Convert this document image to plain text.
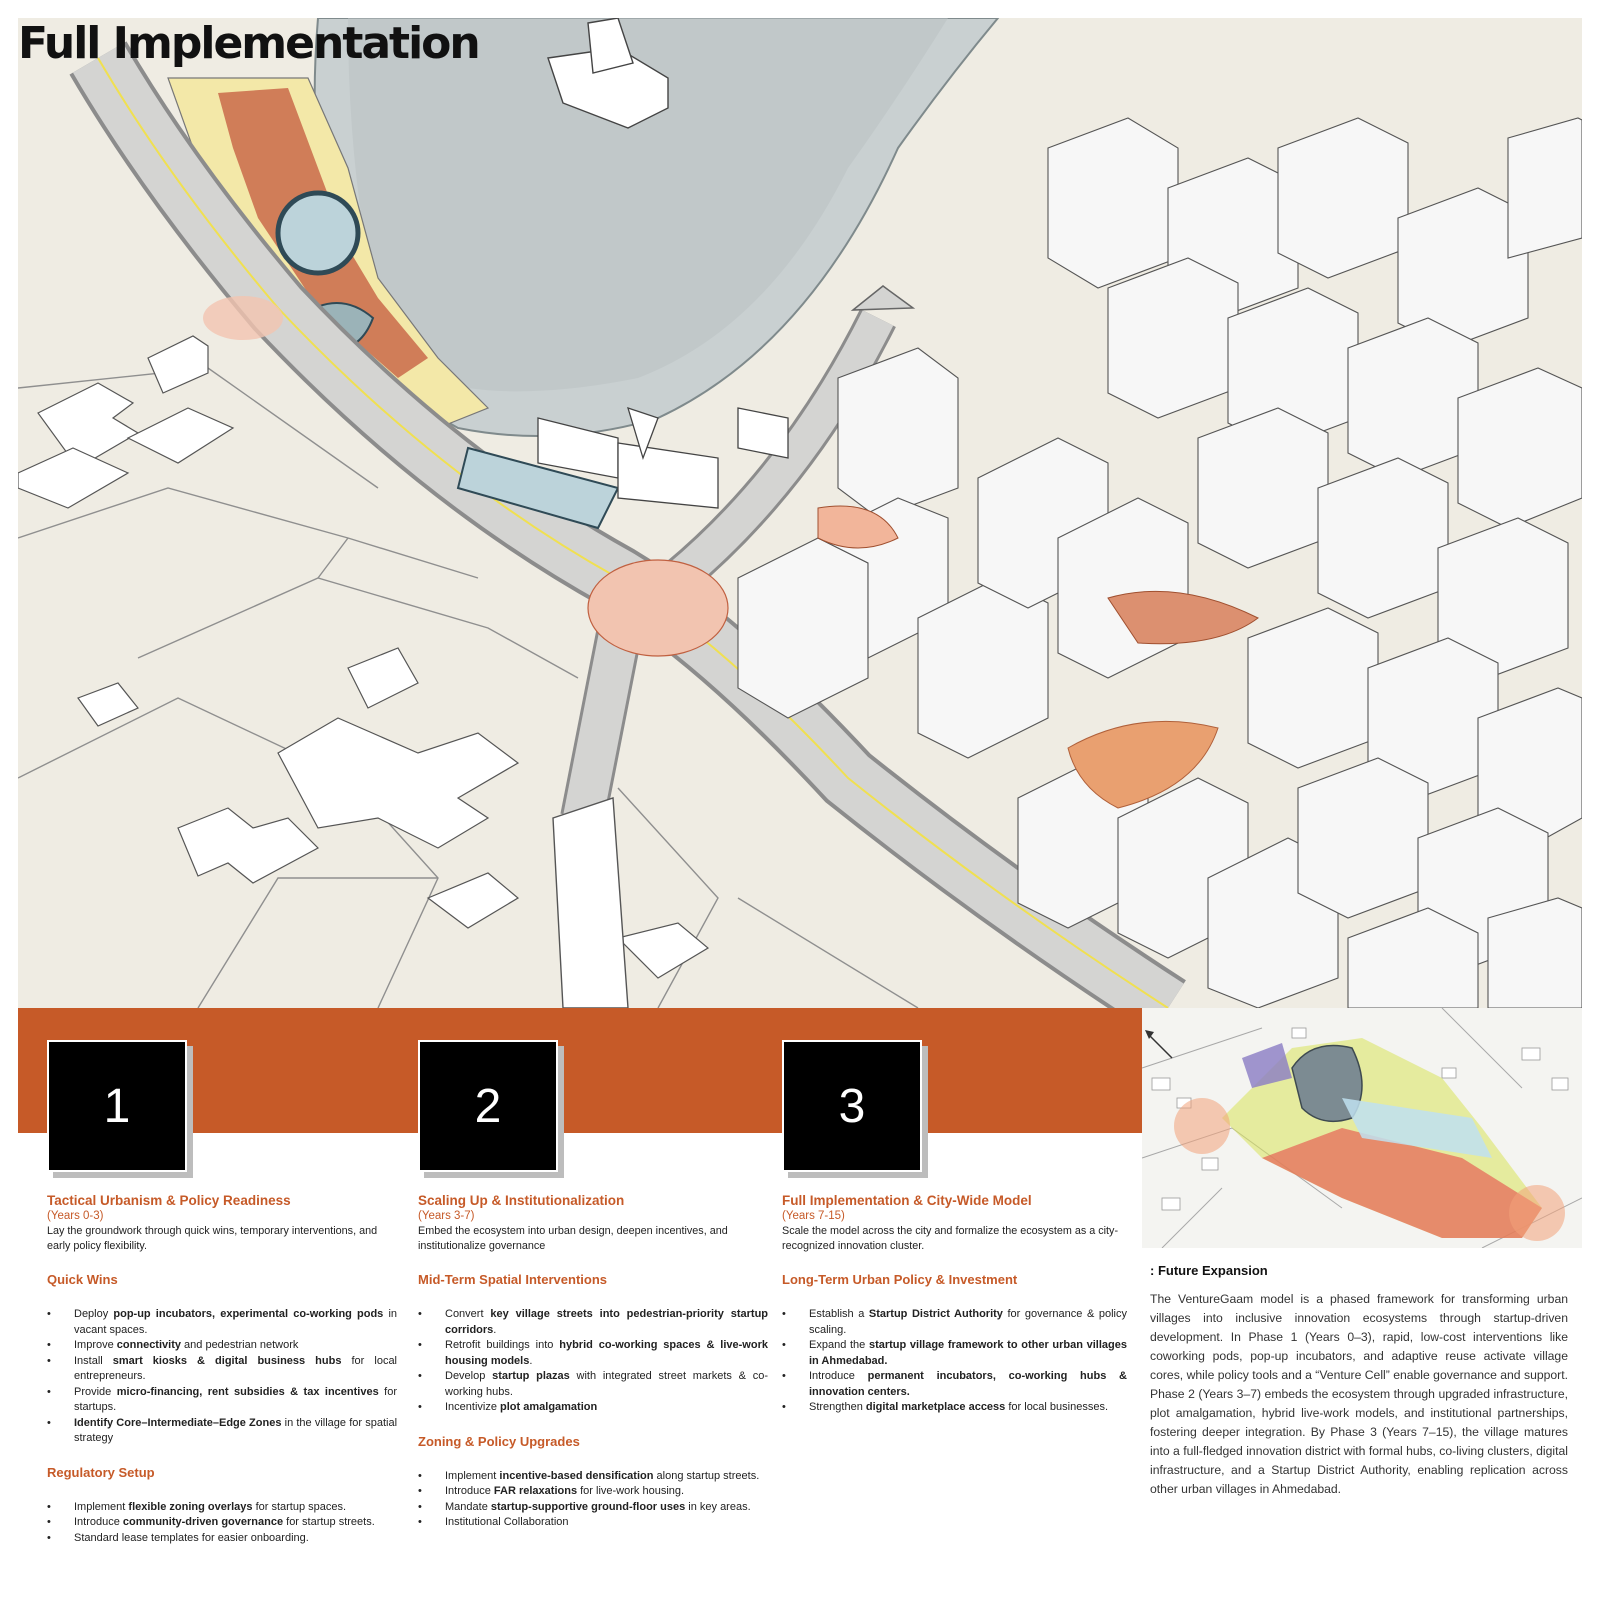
Full Implementation
1	2	3
Tactical Urbanism & Policy Readiness
(Years 0-3)

Lay the groundwork through quick wins, temporary interventions, and early policy flexibility.

Quick Wins
• Deploy pop-up incubators, experimental co-working pods in vacant spaces.
• Improve connectivity and pedestrian network
• Install smart kiosks & digital business hubs for local entrepreneurs.
• Provide micro-financing, rent subsidies & tax incentives for startups.
• Identify Core–Intermediate–Edge Zones in the village for spatial strategy
Regulatory Setup
• Implement flexible zoning overlays for startup spaces.
• Introduce community-driven governance for startup streets.
• Standard lease templates for easier onboarding.
Scaling Up & Institutionalization
(Years 3-7)

Embed the ecosystem into urban design, deepen incentives, and institutionalize governance

Mid-Term Spatial Interventions
• Convert key village streets into pedestrian-priority startup corridors.
• Retrofit buildings into hybrid co-working spaces & live-work housing models.
• Develop startup plazas with integrated street markets & co-working hubs.
• Incentivize plot amalgamation
Zoning & Policy Upgrades
• Implement incentive-based densification along startup streets.
• Introduce FAR relaxations for live-work housing.
• Mandate startup-supportive ground-floor uses in key areas.
• Institutional Collaboration
Full Implementation & City-Wide Model
(Years 7-15)

Scale the model across the city and formalize the ecosystem as a city-recognized innovation cluster.

Long-Term Urban Policy & Investment
• Establish a Startup District Authority for governance & policy scaling.
• Expand the startup village framework to other urban villages in Ahmedabad.
• Introduce permanent incubators, co-working hubs & innovation centers.
• Strengthen digital marketplace access for local businesses.
: Future Expansion

The VentureGaam model is a phased framework for transforming urban villages into inclusive innovation ecosystems through startup-driven development. In Phase 1 (Years 0–3), rapid, low-cost interventions like coworking pods, pop-up incubators, and adaptive reuse activate village cores, while policy tools and a “Venture Cell” enable governance and support. Phase 2 (Years 3–7) embeds the ecosystem through upgraded infrastructure, plot amalgamation, hybrid live-work models, and institutional partnerships, fostering deeper integration. By Phase 3 (Years 7–15), the village matures into a full-fledged innovation district with formal hubs, co-living clusters, digital infrastructure, and a Startup District Authority, enabling replication across other urban villages in Ahmedabad.
